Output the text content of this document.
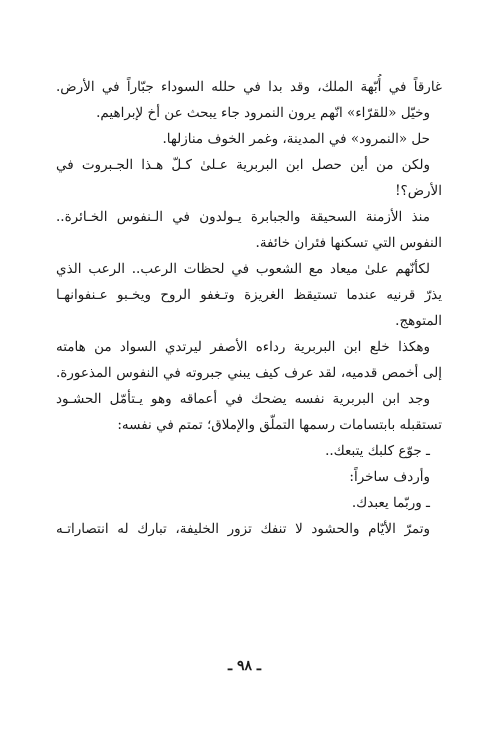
غارقاً في أُبّهة الملك، وقد بدا في حلله السوداء جبّاراً في الأرض.
وخيّل «للقرّاء» انّهم يرون النمرود جاء يبحث عن أخ لإبراهيم.
حل «النمرود» في المدينة، وغمر الخوف منازلها.
ولكن من أين حصل ابن البربرية عـلىٰ كـلّ هـذا الجـبروت في
الأرض؟!
منذ الأزمنة السحيقة والجبابرة يـولدون في الـنفوس الخـائرة..
النفوس التي تسكنها فئران خائفة.
لكأنّهم علىٰ ميعاد مع الشعوب في لحظات الرعب.. الرعب الذي
يذرّ قرنيه عندما تستيقظ الغريزة وتـغفو الروح ويخـبو عـنفوانهـا
المتوهج.
وهكذا خلع ابن البربرية رداءه الأصفر ليرتدي السواد من هامته
إلى أخمص قدميه، لقد عرف كيف يبني جبروته في النفوس المذعورة.
وجد ابن البربرية نفسه يضحك في أعماقه وهو يـتأمّل الحشـود
تستقبله بابتسامات رسمها التملّق والإملاق؛ تمتم في نفسه:
ـ جوّع كلبك يتبعك..
وأردف ساخراً:
ـ وربّما يعبدك.
وتمرّ الأيّام والحشود لا تنفك تزور الخليفة، تبارك له انتصاراتـه
ـ ٩٨ ـ
